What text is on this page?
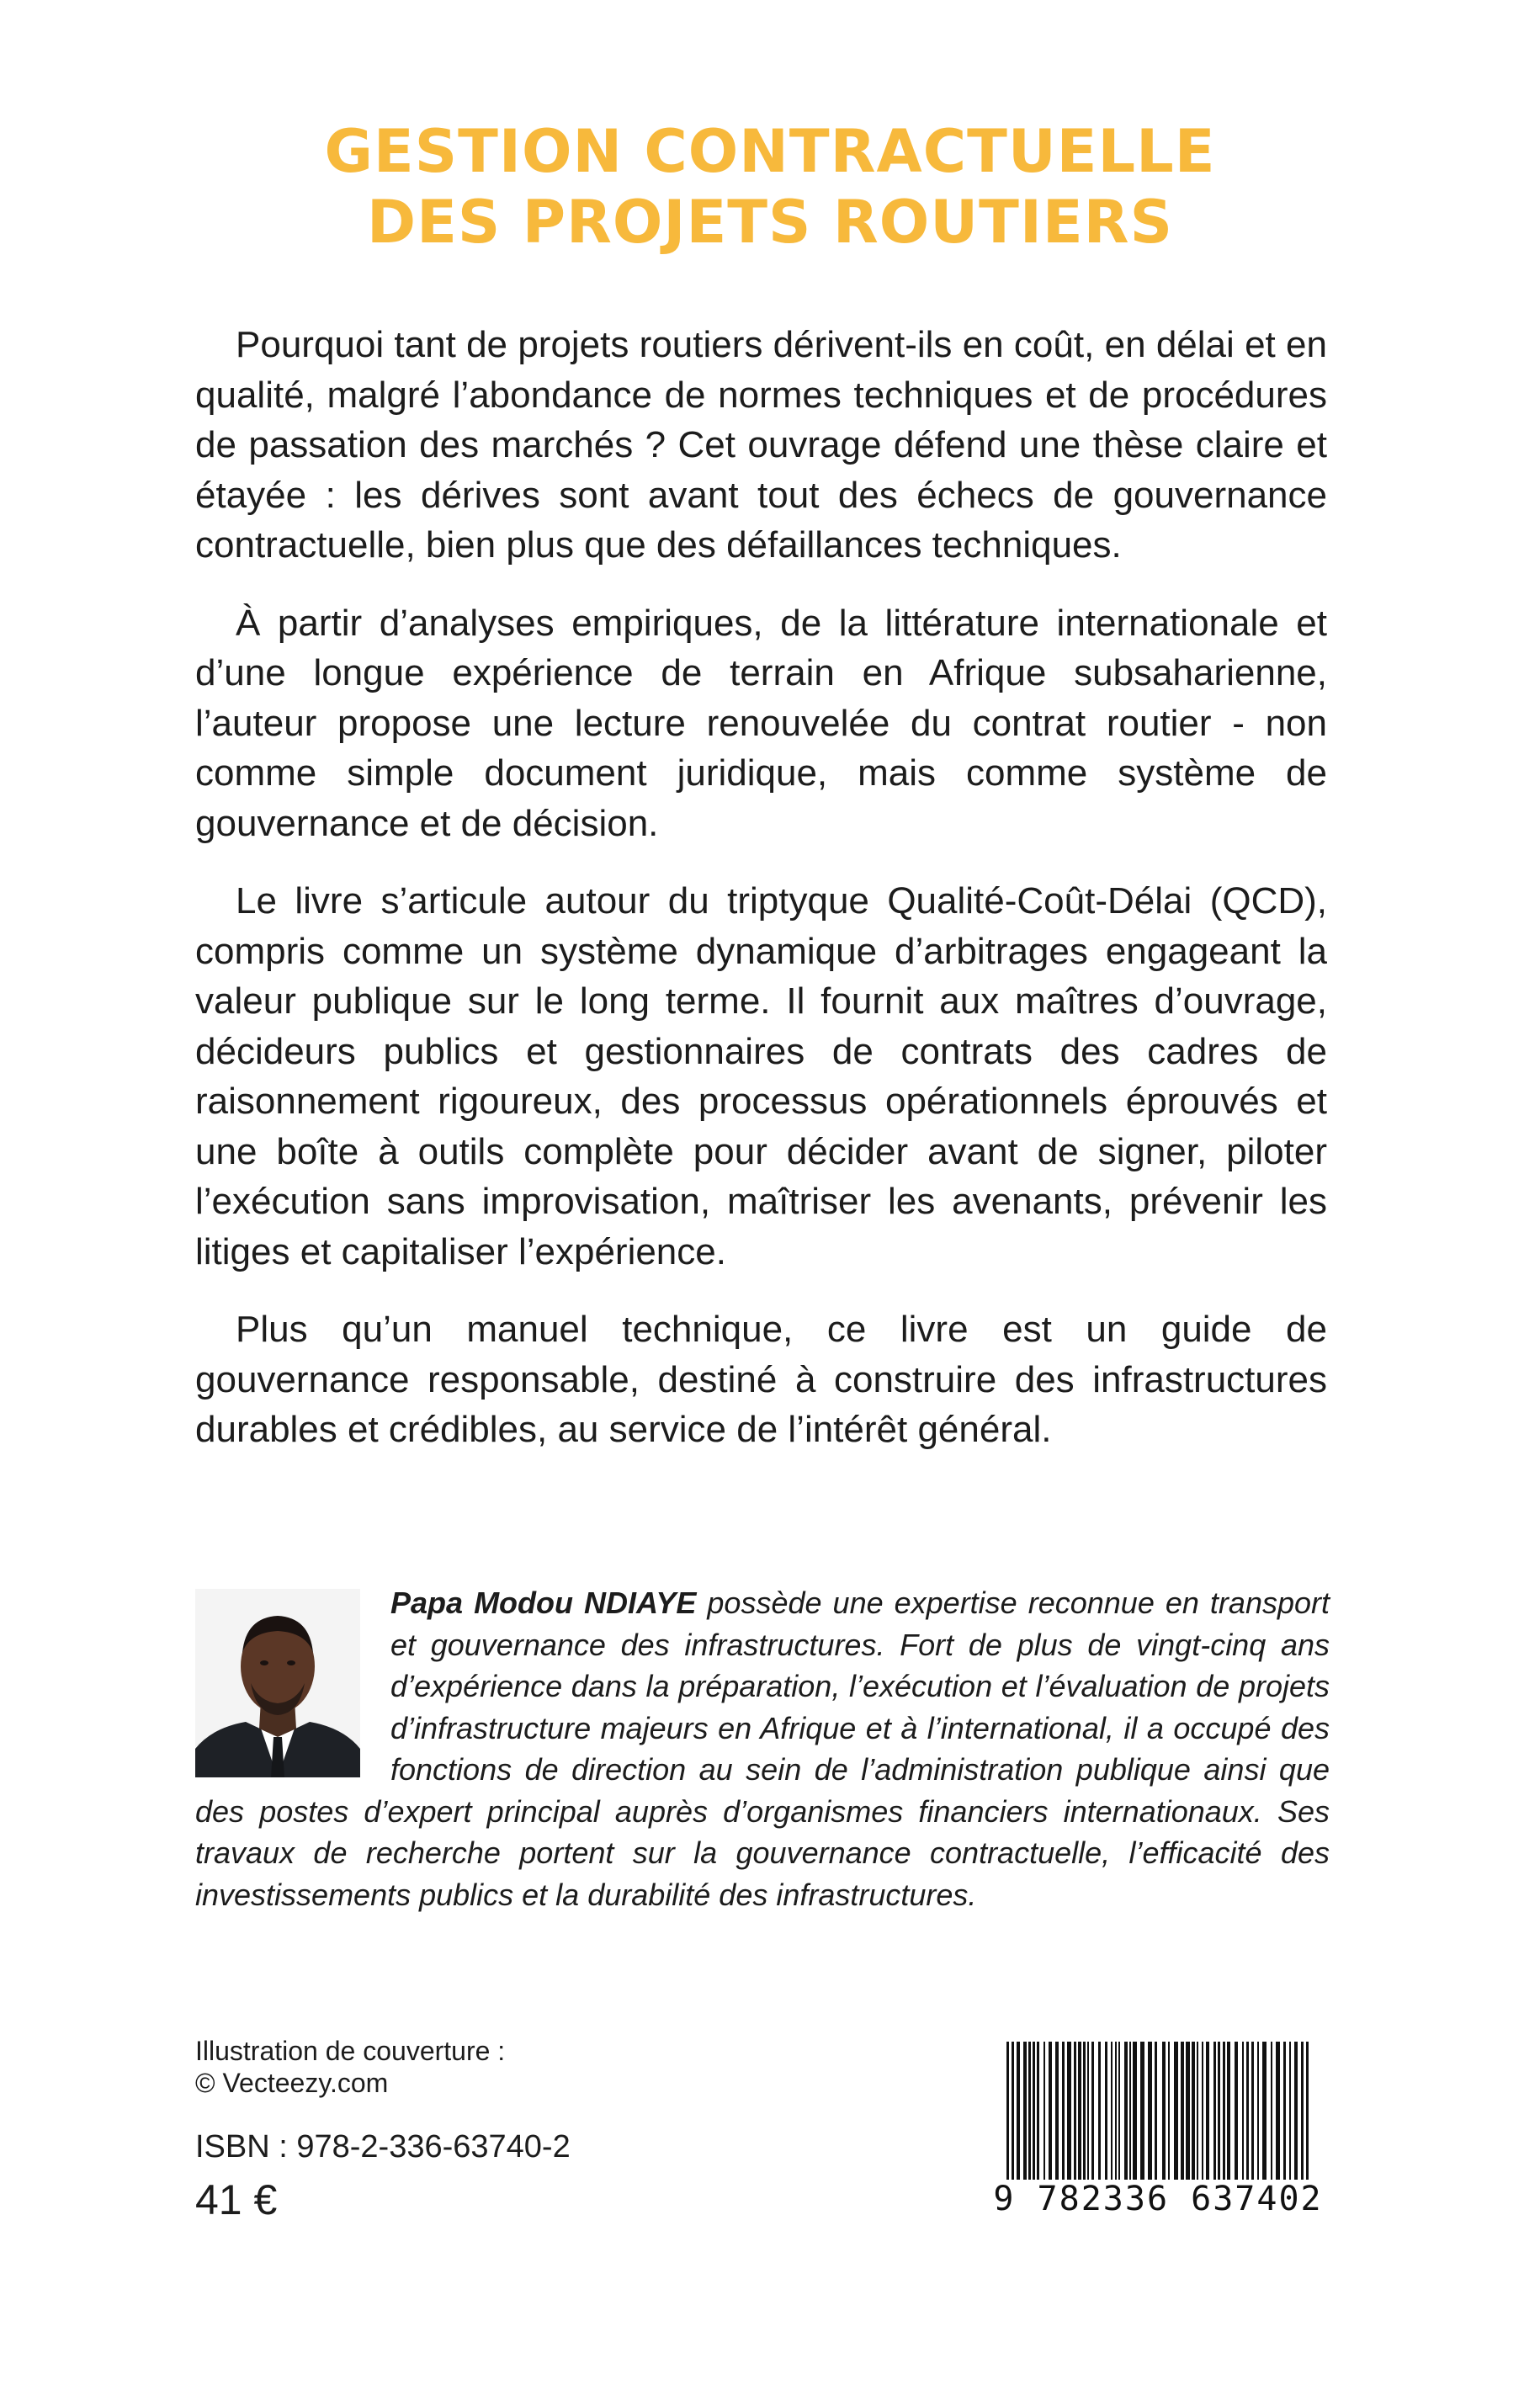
GESTION CONTRACTUELLE
DES PROJETS ROUTIERS

Pourquoi tant de projets routiers dérivent-ils en coût, en délai et en qualité, malgré l’abondance de normes techniques et de procédures de passation des marchés ? Cet ouvrage défend une thèse claire et étayée : les dérives sont avant tout des échecs de gouvernance contractuelle, bien plus que des défaillances techniques.

À partir d’analyses empiriques, de la littérature internationale et d’une longue expérience de terrain en Afrique subsaharienne, l’auteur propose une lecture renouvelée du contrat routier - non comme simple document juridique, mais comme système de gouvernance et de décision.

Le livre s’articule autour du triptyque Qualité-Coût-Délai (QCD), compris comme un système dynamique d’arbitrages engageant la valeur publique sur le long terme. Il fournit aux maîtres d’ouvrage, décideurs publics et gestionnaires de contrats des cadres de raisonnement rigoureux, des processus opérationnels éprouvés et une boîte à outils complète pour décider avant de signer, piloter l’exécution sans improvisation, maîtriser les avenants, prévenir les litiges et capitaliser l’expérience.

Plus qu’un manuel technique, ce livre est un guide de gouvernance responsable, destiné à construire des infrastructures durables et crédibles, au service de l’intérêt général.

Papa Modou NDIAYE possède une expertise reconnue en transport et gouvernance des infrastructures. Fort de plus de vingt-cinq ans d’expérience dans la préparation, l’exécution et l’évaluation de projets d’infrastructure majeurs en Afrique et à l’international, il a occupé des fonctions de direction au sein de l’administration publique ainsi que des postes d’expert principal auprès d’organismes financiers internationaux. Ses travaux de recherche portent sur la gouvernance contractuelle, l’efficacité des investissements publics et la durabilité des infrastructures.
Illustration de couverture :
© Vecteezy.com
ISBN : 978-2-336-63740-2
41 €	9 782336 637402
